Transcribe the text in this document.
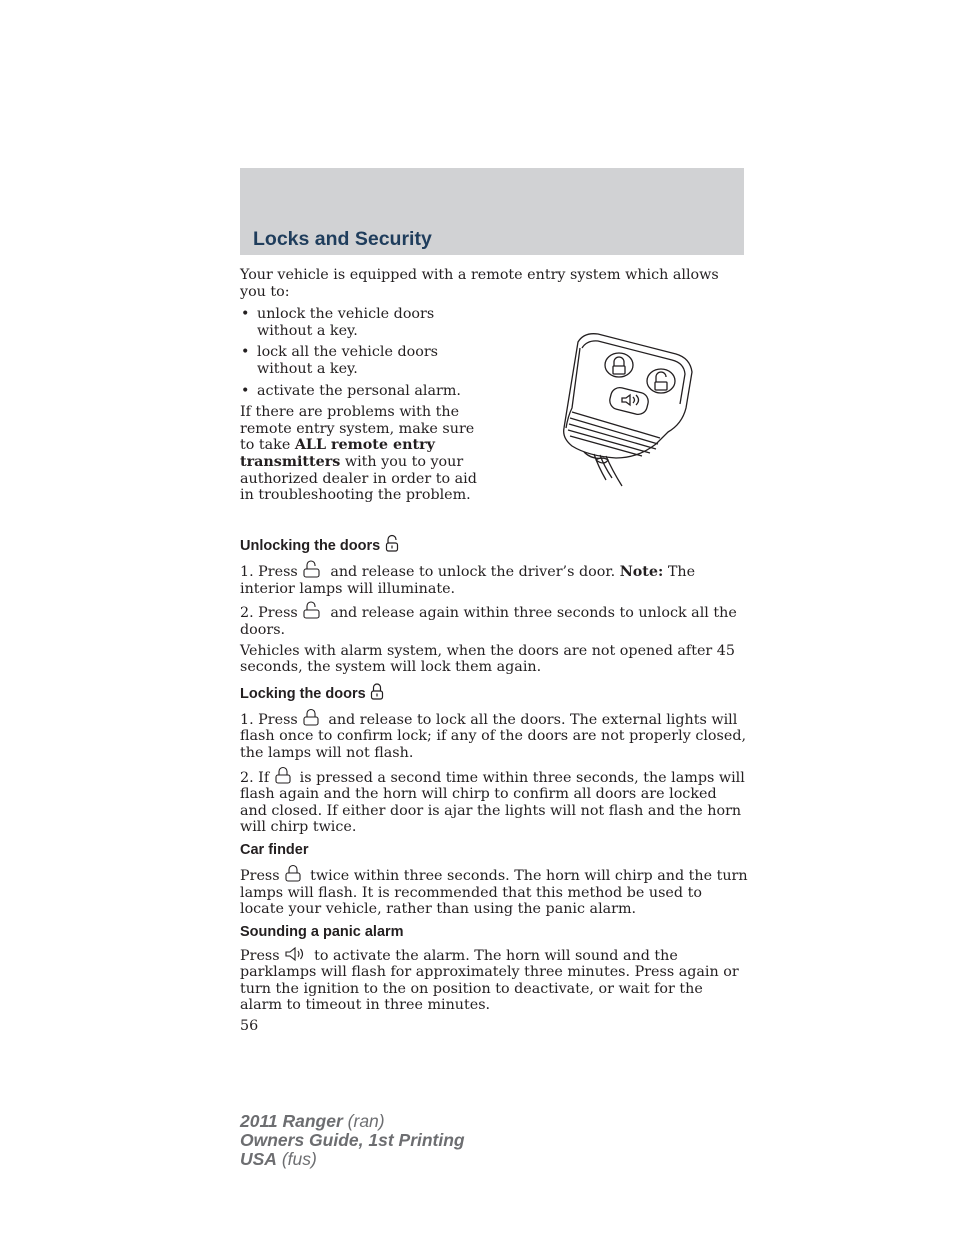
Locks and Security

Your vehicle is equipped with a remote entry system which allows you to:

• unlock the vehicle doors without a key.
• lock all the vehicle doors without a key.
• activate the personal alarm.

If there are problems with the remote entry system, make sure to take ALL remote entry transmitters with you to your authorized dealer in order to aid in troubleshooting the problem.

Unlocking the doors

1. Press and release to unlock the driver’s door. Note: The interior lamps will illuminate.

2. Press and release again within three seconds to unlock all the doors.

Vehicles with alarm system, when the doors are not opened after 45 seconds, the system will lock them again.

Locking the doors

1. Press and release to lock all the doors. The external lights will flash once to confirm lock; if any of the doors are not properly closed, the lamps will not flash.

2. If is pressed a second time within three seconds, the lamps will flash again and the horn will chirp to confirm all doors are locked and closed. If either door is ajar the lights will not flash and the horn will chirp twice.

Car finder

Press twice within three seconds. The horn will chirp and the turn lamps will flash. It is recommended that this method be used to locate your vehicle, rather than using the panic alarm.

Sounding a panic alarm

Press to activate the alarm. The horn will sound and the parklamps will flash for approximately three minutes. Press again or turn the ignition to the on position to deactivate, or wait for the alarm to timeout in three minutes.

56

2011 Ranger (ran)
Owners Guide, 1st Printing
USA (fus)
